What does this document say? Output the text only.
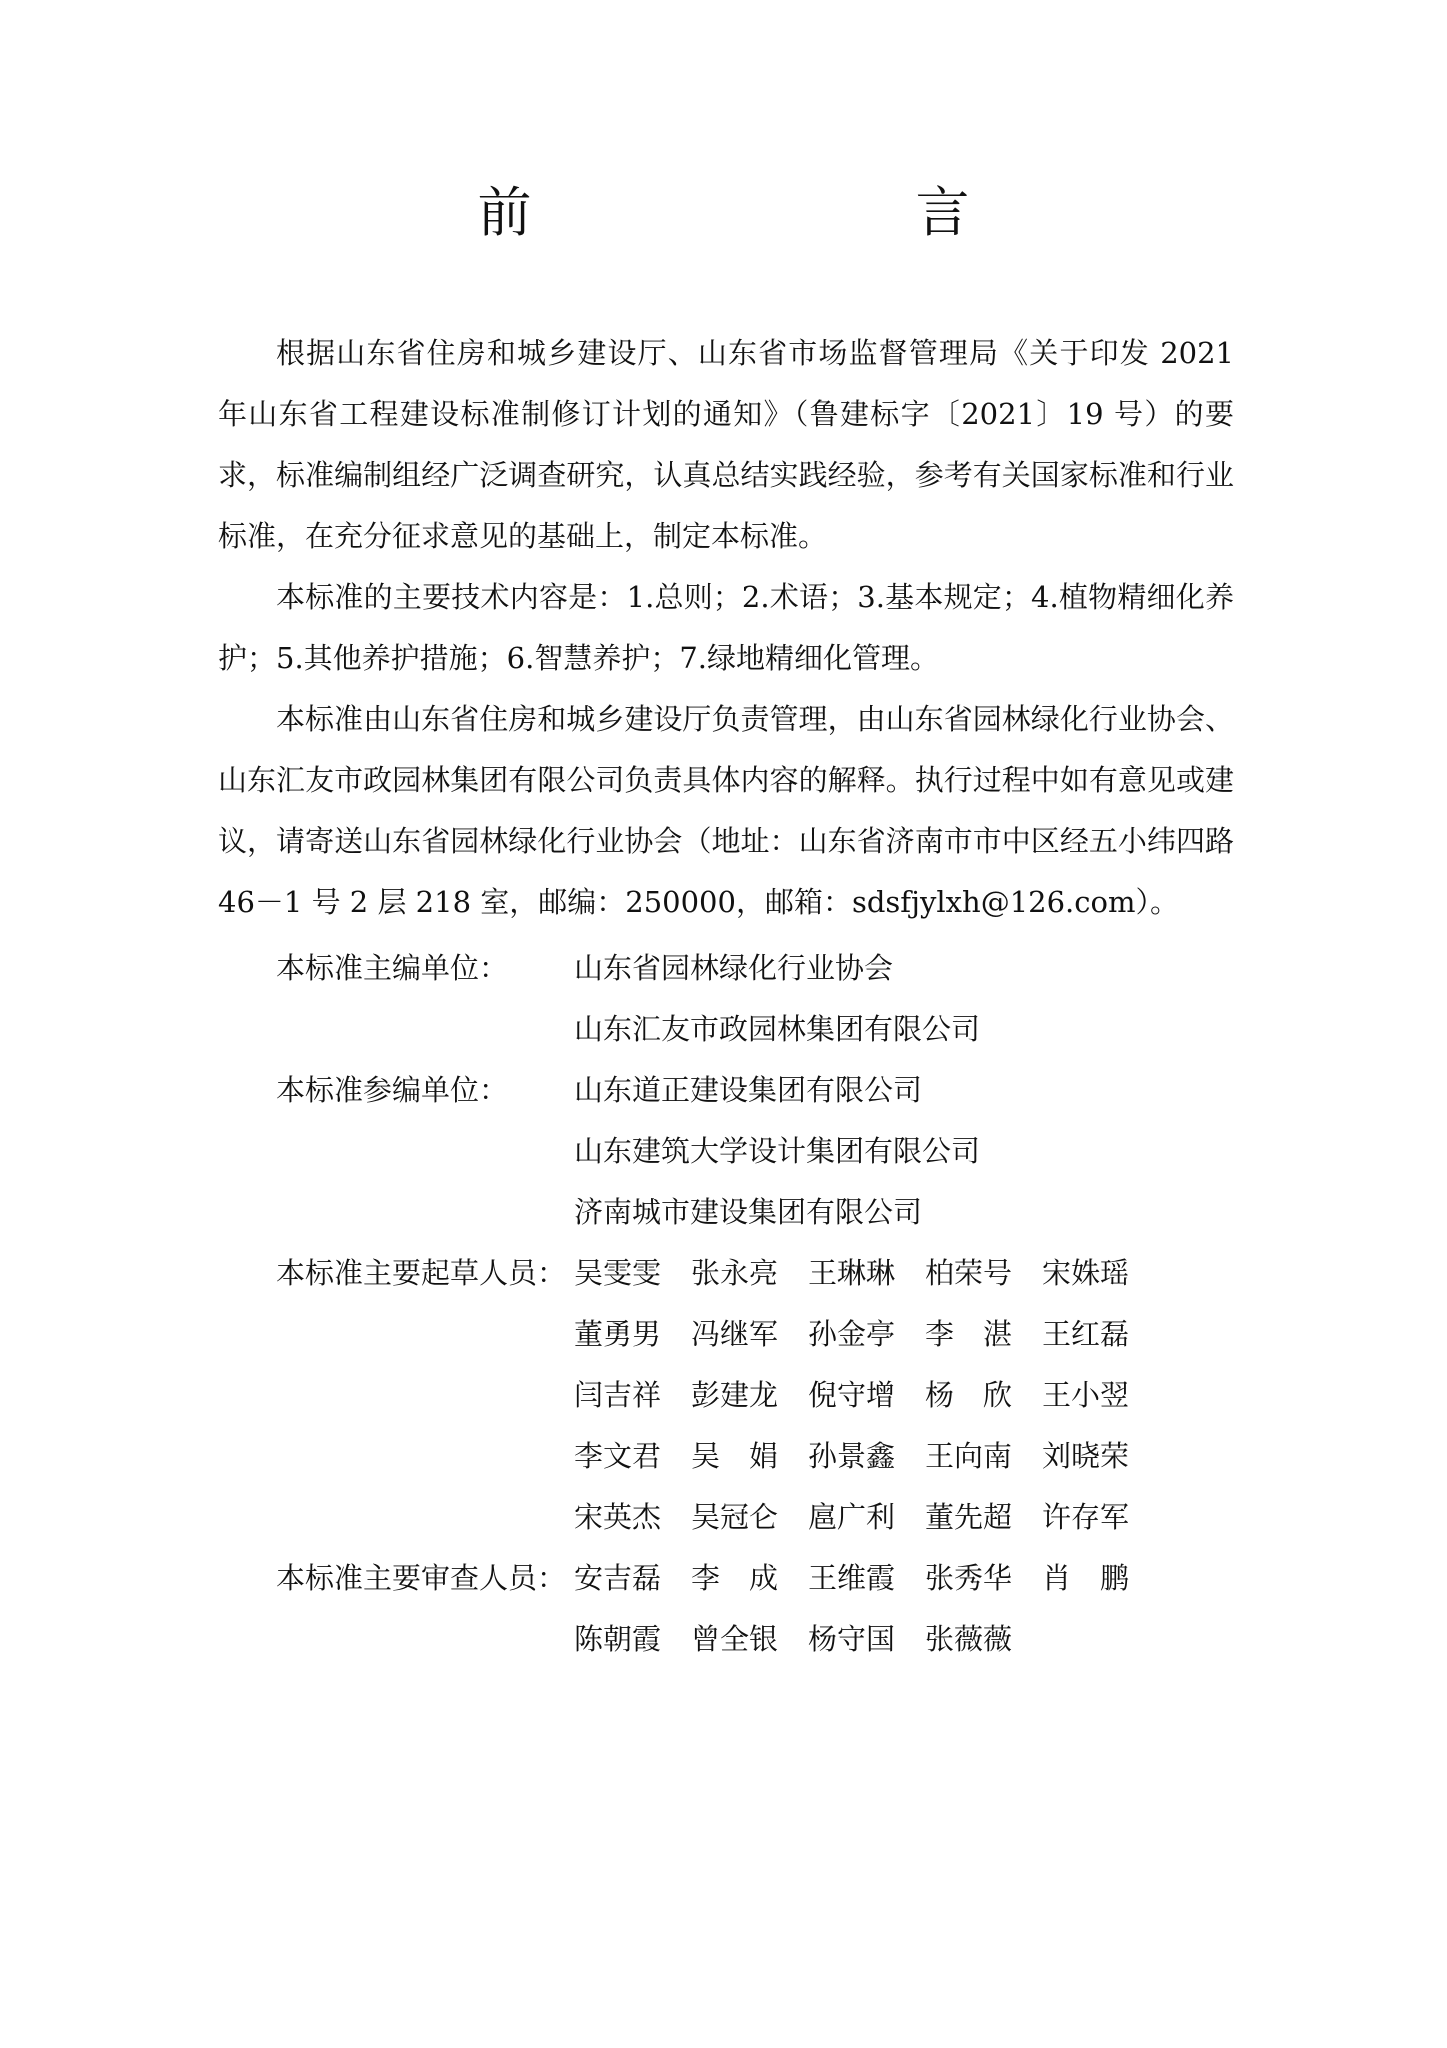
前　　言

根据山东省住房和城乡建设厅、山东省市场监督管理局《关于印发 2021 年山东省工程建设标准制修订计划的通知》（鲁建标字〔2021〕19 号）的要求，标准编制组经广泛调查研究，认真总结实践经验，参考有关国家标准和行业标准，在充分征求意见的基础上，制定本标准。

本标准的主要技术内容是：1.总则；2.术语；3.基本规定；4.植物精细化养护；5.其他养护措施；6.智慧养护；7.绿地精细化管理。

本标准由山东省住房和城乡建设厅负责管理，由山东省园林绿化行业协会、山东汇友市政园林集团有限公司负责具体内容的解释。执行过程中如有意见或建议，请寄送山东省园林绿化行业协会（地址：山东省济南市市中区经五小纬四路46－1 号 2 层 218 室，邮编：250000，邮箱：sdsfjylxh@126.com）。

本标准主编单位： 山东省园林绿化行业协会
山东汇友市政园林集团有限公司
本标准参编单位： 山东道正建设集团有限公司
山东建筑大学设计集团有限公司
济南城市建设集团有限公司
本标准主要起草人员： 吴雯雯	张永亮	王琳琳	柏荣号	宋姝瑶
董勇男	冯继军	孙金亭	李　湛	王红磊
闫吉祥	彭建龙	倪守增	杨　欣	王小翌
李文君	吴　娟	孙景鑫	王向南	刘晓荣
宋英杰	吴冠仑	扈广利	董先超	许存军
本标准主要审查人员： 安吉磊	李　成	王维霞	张秀华	肖　鹏
陈朝霞	曾全银	杨守国	张薇薇
